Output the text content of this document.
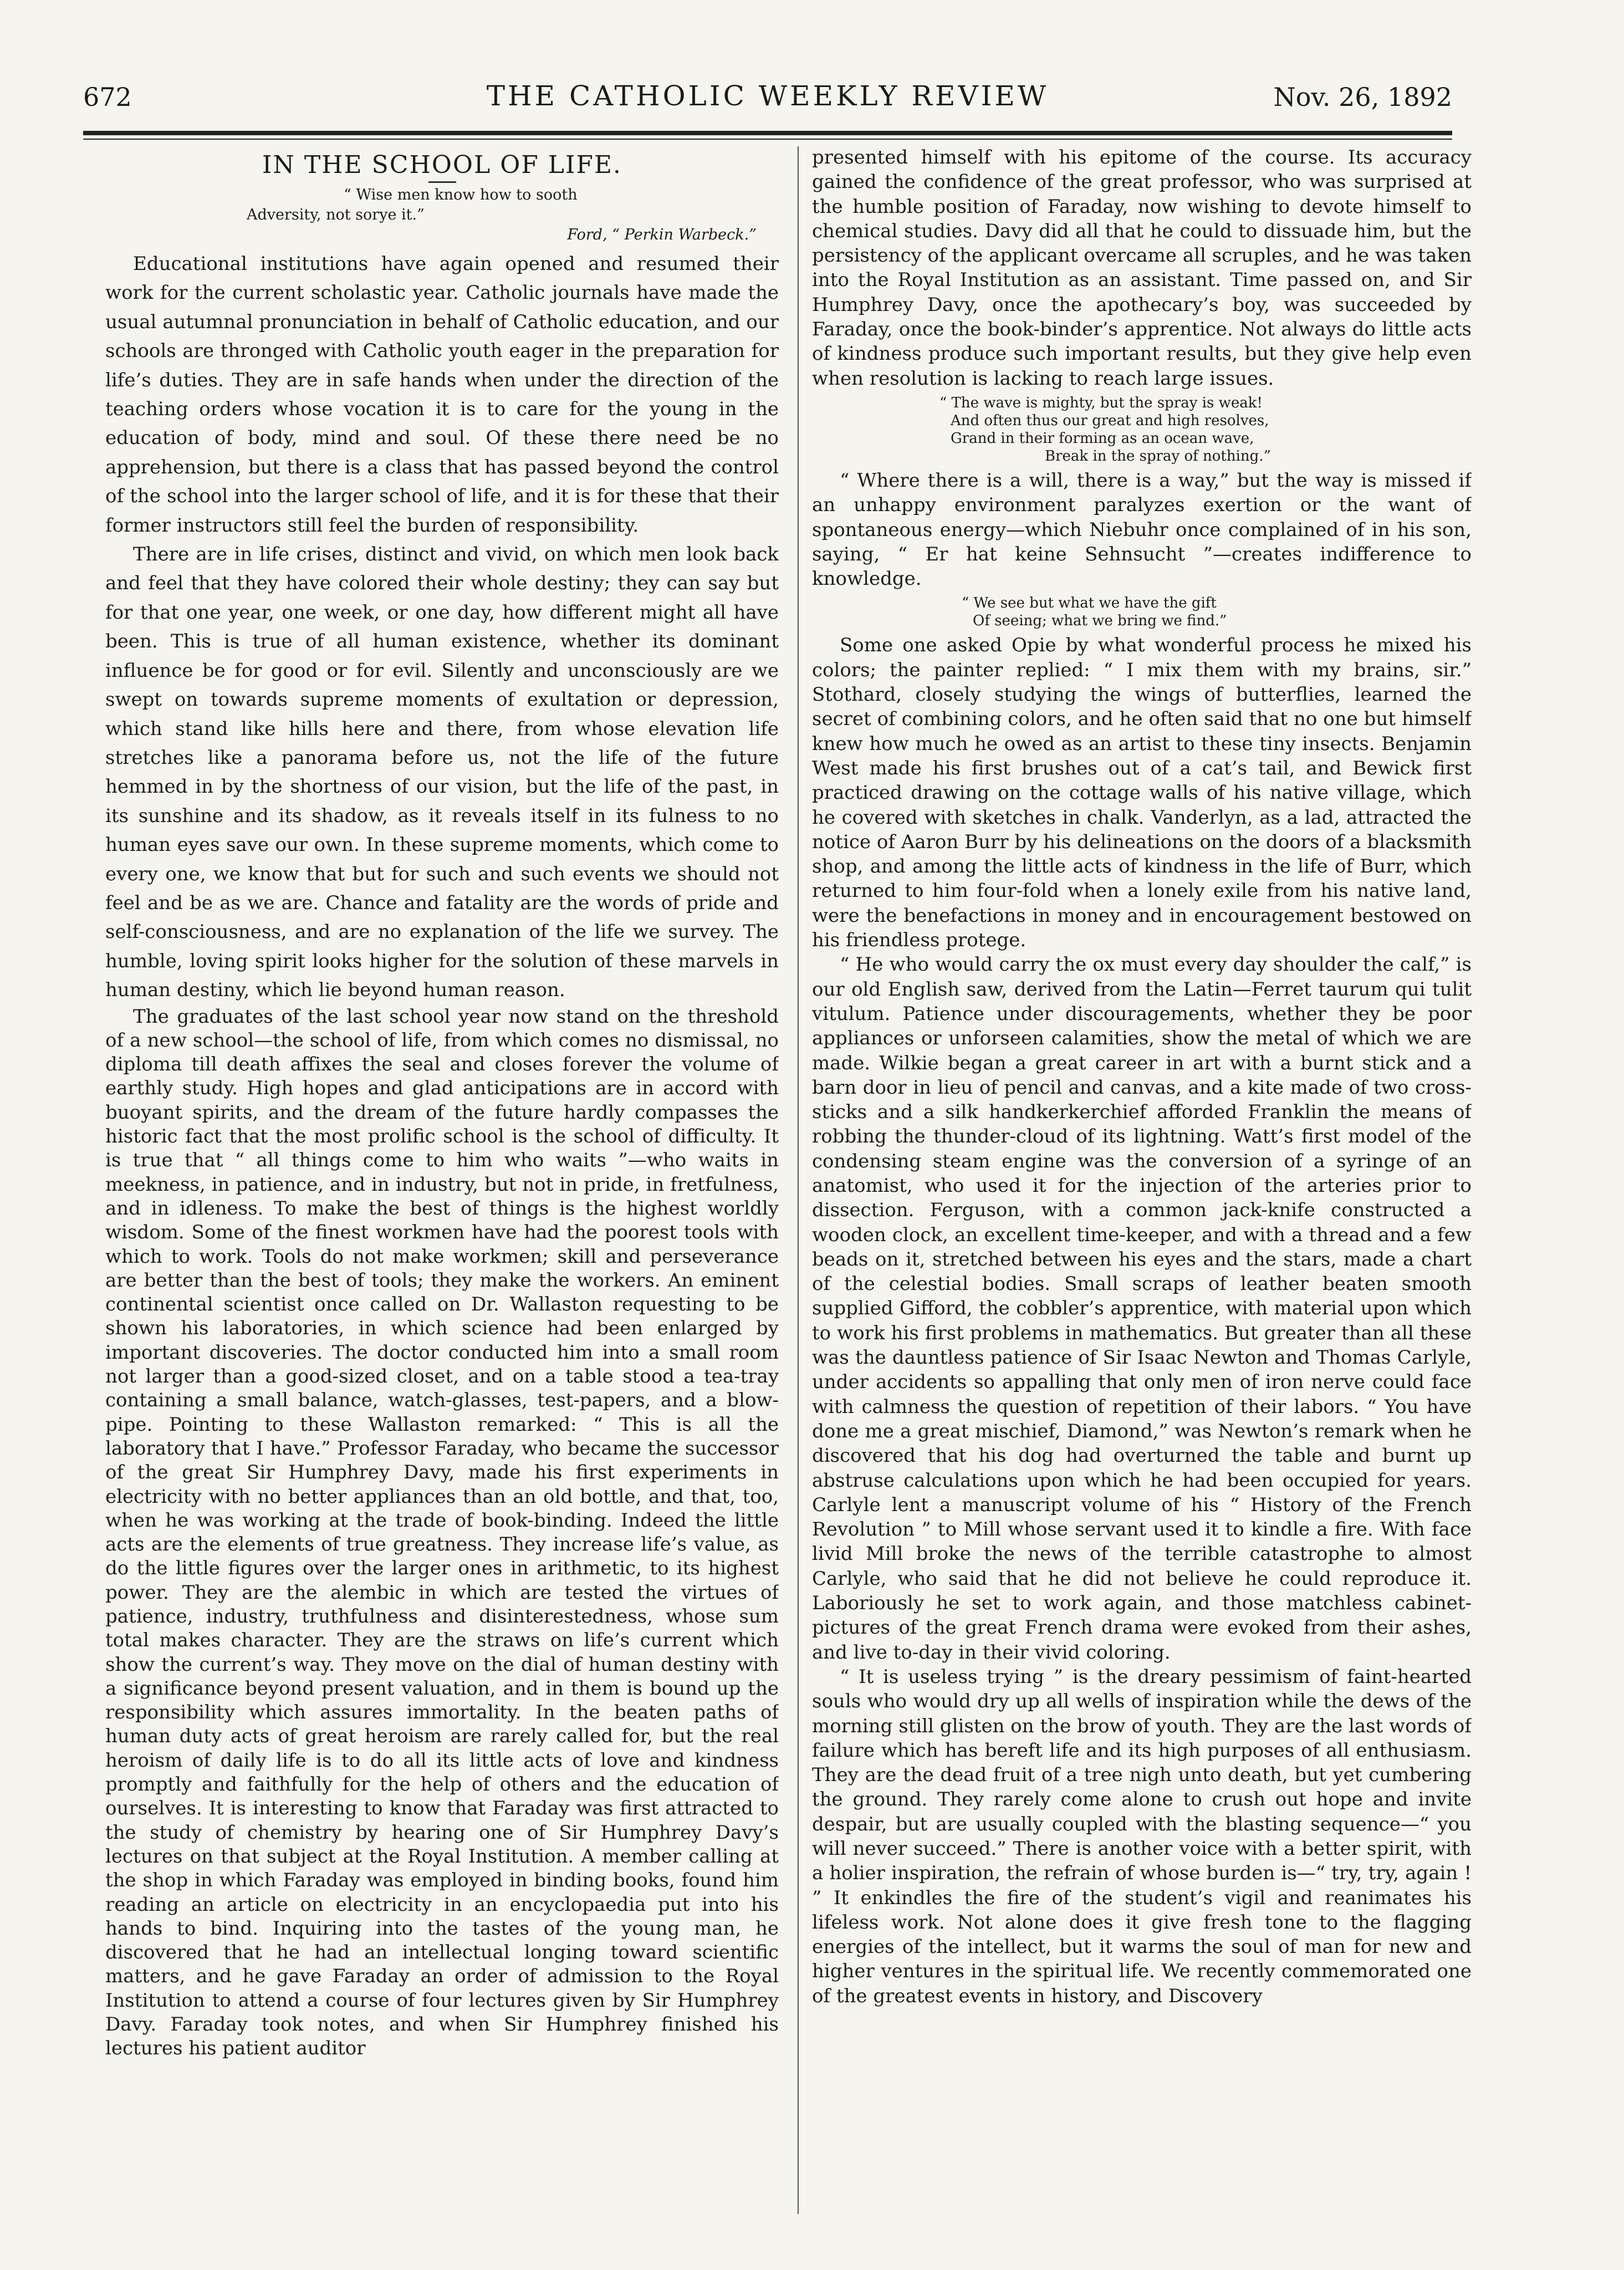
672	THE CATHOLIC WEEKLY REVIEW	Nov. 26, 1892
IN THE SCHOOL OF LIFE.
“ Wise men know how to sooth
Adversity, not sorye it.”
Ford, “ Perkin Warbeck.”

Educational institutions have again opened and resumed their work for the current scholastic year. Catholic journals have made the usual autumnal pronunciation in behalf of Catholic education, and our schools are thronged with Catholic youth eager in the preparation for life’s duties. They are in safe hands when under the direction of the teaching orders whose vocation it is to care for the young in the education of body, mind and soul. Of these there need be no apprehension, but there is a class that has passed beyond the control of the school into the larger school of life, and it is for these that their former instructors still feel the burden of responsibility.

There are in life crises, distinct and vivid, on which men look back and feel that they have colored their whole destiny; they can say but for that one year, one week, or one day, how different might all have been. This is true of all human existence, whether its dominant influence be for good or for evil. Silently and unconsciously are we swept on towards supreme moments of exultation or depression, which stand like hills here and there, from whose elevation life stretches like a panorama before us, not the life of the future hemmed in by the shortness of our vision, but the life of the past, in its sunshine and its shadow, as it reveals itself in its fulness to no human eyes save our own. In these supreme moments, which come to every one, we know that but for such and such events we should not feel and be as we are. Chance and fatality are the words of pride and self-consciousness, and are no explanation of the life we survey. The humble, loving spirit looks higher for the solution of these marvels in human destiny, which lie beyond human reason.

The graduates of the last school year now stand on the threshold of a new school—the school of life, from which comes no dismissal, no diploma till death affixes the seal and closes forever the volume of earthly study. High hopes and glad anticipations are in accord with buoyant spirits, and the dream of the future hardly compasses the historic fact that the most prolific school is the school of difficulty. It is true that “ all things come to him who waits ”—who waits in meekness, in patience, and in industry, but not in pride, in fretfulness, and in idleness. To make the best of things is the highest worldly wisdom. Some of the finest workmen have had the poorest tools with which to work. Tools do not make workmen; skill and perseverance are better than the best of tools; they make the workers. An eminent continental scientist once called on Dr. Wallaston requesting to be shown his laboratories, in which science had been enlarged by important discoveries. The doctor conducted him into a small room not larger than a good-sized closet, and on a table stood a tea-tray containing a small balance, watch-glasses, test-papers, and a blow-pipe. Pointing to these Wallaston remarked: “ This is all the laboratory that I have.” Professor Faraday, who became the successor of the great Sir Humphrey Davy, made his first experiments in electricity with no better appliances than an old bottle, and that, too, when he was working at the trade of book-binding. Indeed the little acts are the elements of true greatness. They increase life’s value, as do the little figures over the larger ones in arithmetic, to its highest power. They are the alembic in which are tested the virtues of patience, industry, truthfulness and disinterestedness, whose sum total makes character. They are the straws on life’s current which show the current’s way. They move on the dial of human destiny with a significance beyond present valuation, and in them is bound up the responsibility which assures immortality. In the beaten paths of human duty acts of great heroism are rarely called for, but the real heroism of daily life is to do all its little acts of love and kindness promptly and faithfully for the help of others and the education of ourselves. It is interesting to know that Faraday was first attracted to the study of chemistry by hearing one of Sir Humphrey Davy’s lectures on that subject at the Royal Institution. A member calling at the shop in which Faraday was employed in binding books, found him reading an article on electricity in an encyclopaedia put into his hands to bind. Inquiring into the tastes of the young man, he discovered that he had an intellectual longing toward scientific matters, and he gave Faraday an order of admission to the Royal Institution to attend a course of four lectures given by Sir Humphrey Davy. Faraday took notes, and when Sir Humphrey finished his lectures his patient auditor

presented himself with his epitome of the course. Its accuracy gained the confidence of the great professor, who was surprised at the humble position of Faraday, now wishing to devote himself to chemical studies. Davy did all that he could to dissuade him, but the persistency of the applicant overcame all scruples, and he was taken into the Royal Institution as an assistant. Time passed on, and Sir Humphrey Davy, once the apothecary’s boy, was succeeded by Faraday, once the book-binder’s apprentice. Not always do little acts of kindness produce such important results, but they give help even when resolution is lacking to reach large issues.

“ The wave is mighty, but the spray is weak!
And often thus our great and high resolves,
Grand in their forming as an ocean wave,
Break in the spray of nothing.”

“ Where there is a will, there is a way,” but the way is missed if an unhappy environment paralyzes exertion or the want of spontaneous energy—which Niebuhr once complained of in his son, saying, “ Er hat keine Sehnsucht ”—creates indifference to knowledge.

“ We see but what we have the gift
Of seeing; what we bring we find.”

Some one asked Opie by what wonderful process he mixed his colors; the painter replied: “ I mix them with my brains, sir.” Stothard, closely studying the wings of butterflies, learned the secret of combining colors, and he often said that no one but himself knew how much he owed as an artist to these tiny insects. Benjamin West made his first brushes out of a cat’s tail, and Bewick first practiced drawing on the cottage walls of his native village, which he covered with sketches in chalk. Vanderlyn, as a lad, attracted the notice of Aaron Burr by his delineations on the doors of a blacksmith shop, and among the little acts of kindness in the life of Burr, which returned to him four-fold when a lonely exile from his native land, were the benefactions in money and in encouragement bestowed on his friendless protege.

“ He who would carry the ox must every day shoulder the calf,” is our old English saw, derived from the Latin—Ferret taurum qui tulit vitulum. Patience under discouragements, whether they be poor appliances or unforseen calamities, show the metal of which we are made. Wilkie began a great career in art with a burnt stick and a barn door in lieu of pencil and canvas, and a kite made of two cross-sticks and a silk handkerkerchief afforded Franklin the means of robbing the thunder-cloud of its lightning. Watt’s first model of the condensing steam engine was the conversion of a syringe of an anatomist, who used it for the injection of the arteries prior to dissection. Ferguson, with a common jack-knife constructed a wooden clock, an excellent time-keeper, and with a thread and a few beads on it, stretched between his eyes and the stars, made a chart of the celestial bodies. Small scraps of leather beaten smooth supplied Gifford, the cobbler’s apprentice, with material upon which to work his first problems in mathematics. But greater than all these was the dauntless patience of Sir Isaac Newton and Thomas Carlyle, under accidents so appalling that only men of iron nerve could face with calmness the question of repetition of their labors. “ You have done me a great mischief, Diamond,” was Newton’s remark when he discovered that his dog had overturned the table and burnt up abstruse calculations upon which he had been occupied for years. Carlyle lent a manuscript volume of his “ History of the French Revolution ” to Mill whose servant used it to kindle a fire. With face livid Mill broke the news of the terrible catastrophe to almost Carlyle, who said that he did not believe he could reproduce it. Laboriously he set to work again, and those matchless cabinet-pictures of the great French drama were evoked from their ashes, and live to-day in their vivid coloring.

“ It is useless trying ” is the dreary pessimism of faint-hearted souls who would dry up all wells of inspiration while the dews of the morning still glisten on the brow of youth. They are the last words of failure which has bereft life and its high purposes of all enthusiasm. They are the dead fruit of a tree nigh unto death, but yet cumbering the ground. They rarely come alone to crush out hope and invite despair, but are usually coupled with the blasting sequence—“ you will never succeed.” There is another voice with a better spirit, with a holier inspiration, the refrain of whose burden is—“ try, try, again ! ” It enkindles the fire of the student’s vigil and reanimates his lifeless work. Not alone does it give fresh tone to the flagging energies of the intellect, but it warms the soul of man for new and higher ventures in the spiritual life. We recently commemorated one of the greatest events in history, and Discovery
